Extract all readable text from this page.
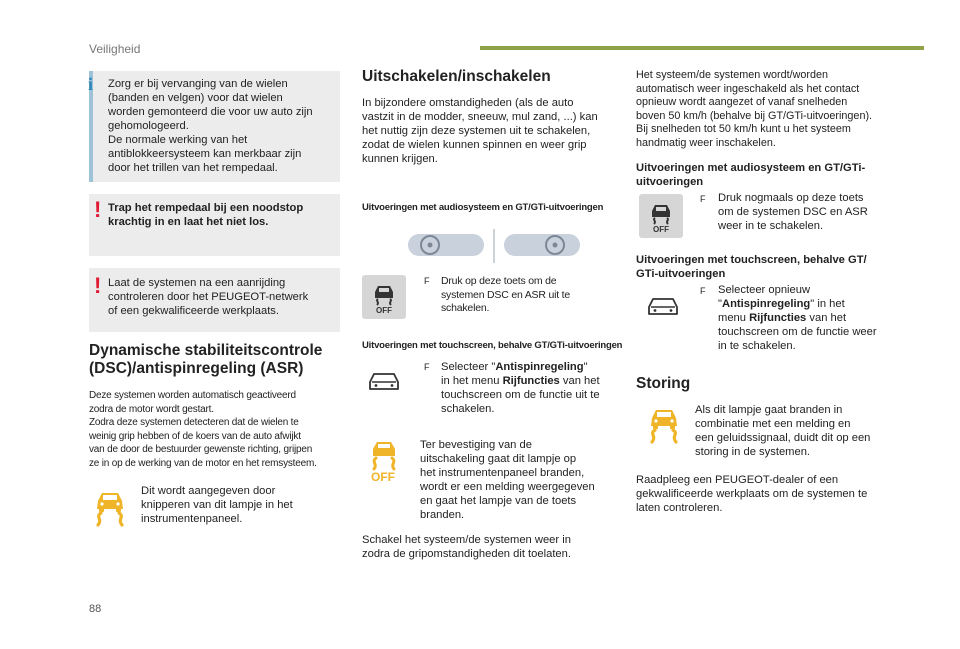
Veiligheid
i Zorg er bij vervanging van de wielen
(banden en velgen) voor dat wielen
worden gemonteerd die voor uw auto zijn
gehomologeerd.
De normale werking van het
antiblokkeersysteem kan merkbaar zijn
door het trillen van het rempedaal.
! Trap het rempedaal bij een noodstop
krachtig in en laat het niet los.
! Laat de systemen na een aanrijding
controleren door het PEUGEOT-netwerk
of een gekwalificeerde werkplaats.
Dynamische stabiliteitscontrole
(DSC)/antispinregeling (ASR)
Deze systemen worden automatisch geactiveerd
zodra de motor wordt gestart.
Zodra deze systemen detecteren dat de wielen te
weinig grip hebben of de koers van de auto afwijkt
van de door de bestuurder gewenste richting, grijpen
ze in op de werking van de motor en het remsysteem.
Dit wordt aangegeven door
knipperen van dit lampje in het
instrumentenpaneel.
Uitschakelen/inschakelen
In bijzondere omstandigheden (als de auto
vastzit in de modder, sneeuw, mul zand, ...) kan
het nuttig zijn deze systemen uit te schakelen,
zodat de wielen kunnen spinnen en weer grip
kunnen krijgen.
Uitvoeringen met audiosysteem en GT/GTi-uitvoeringen
OFF
F Druk op deze toets om de
systemen DSC en ASR uit te
schakelen.
Uitvoeringen met touchscreen, behalve GT/GTi-uitvoeringen
F Selecteer "Antispinregeling"
in het menu Rijfuncties van het
touchscreen om de functie uit te
schakelen.
OFF
Ter bevestiging van de
uitschakeling gaat dit lampje op
het instrumentenpaneel branden,
wordt er een melding weergegeven
en gaat het lampje van de toets
branden.
Schakel het systeem/de systemen weer in
zodra de gripomstandigheden dit toelaten.
Het systeem/de systemen wordt/worden
automatisch weer ingeschakeld als het contact
opnieuw wordt aangezet of vanaf snelheden
boven 50 km/h (behalve bij GT/GTi-uitvoeringen).
Bij snelheden tot 50 km/h kunt u het systeem
handmatig weer inschakelen.
Uitvoeringen met audiosysteem en GT/GTi-
uitvoeringen
OFF
F Druk nogmaals op deze toets
om de systemen DSC en ASR
weer in te schakelen.
Uitvoeringen met touchscreen, behalve GT/
GTi-uitvoeringen
F Selecteer opnieuw
"Antispinregeling" in het
menu Rijfuncties van het
touchscreen om de functie weer
in te schakelen.
Storing
Als dit lampje gaat branden in
combinatie met een melding en
een geluidssignaal, duidt dit op een
storing in de systemen.
Raadpleeg een PEUGEOT-dealer of een
gekwalificeerde werkplaats om de systemen te
laten controleren.
88
